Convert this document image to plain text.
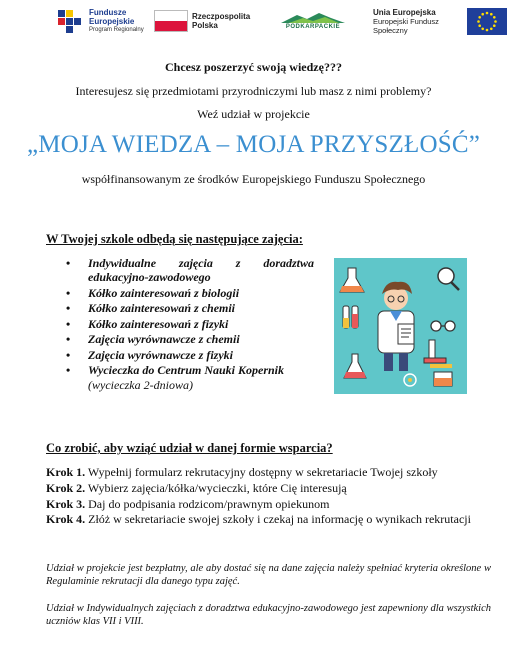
Fundusze
Europejskie
Program Regionalny
Rzeczpospolita
Polska	PODKARPACKIE
Unia Europejska
Europejski Fundusz Społeczny
Chcesz poszerzyć swoją wiedzę???
Interesujesz się przedmiotami przyrodniczymi lub masz z nimi problemy?
Weź udział w projekcie
„MOJA WIEDZA – MOJA PRZYSZŁOŚĆ”
współfinansowanym ze środków Europejskiego Funduszu Społecznego
W Twojej szkole odbędą się następujące zajęcia:
• Indywidualne zajęcia z doradztwa edukacyjno-zawodowego
• Kółko zainteresowań z biologii
• Kółko zainteresowań z chemii
• Kółko zainteresowań z fizyki
• Zajęcia wyrównawcze z chemii
• Zajęcia wyrównawcze z fizyki
• Wycieczka do Centrum Nauki Kopernik
(wycieczka 2-dniowa)
Co zrobić, aby wziąć udział w danej formie wsparcia?
Krok 1. Wypełnij formularz rekrutacyjny dostępny w sekretariacie Twojej szkoły
Krok 2. Wybierz zajęcia/kółka/wycieczki, które Cię interesują
Krok 3. Daj do podpisania rodzicom/prawnym opiekunom
Krok 4. Złóż w sekretariacie swojej szkoły i czekaj na informację o wynikach rekrutacji
Udział w projekcie jest bezpłatny, ale aby dostać się na dane zajęcia należy spełniać kryteria określone w Regulaminie rekrutacji dla danego typu zajęć.
Udział w Indywidualnych zajęciach z doradztwa edukacyjno-zawodowego jest zapewniony dla wszystkich uczniów klas VII i VIII.
